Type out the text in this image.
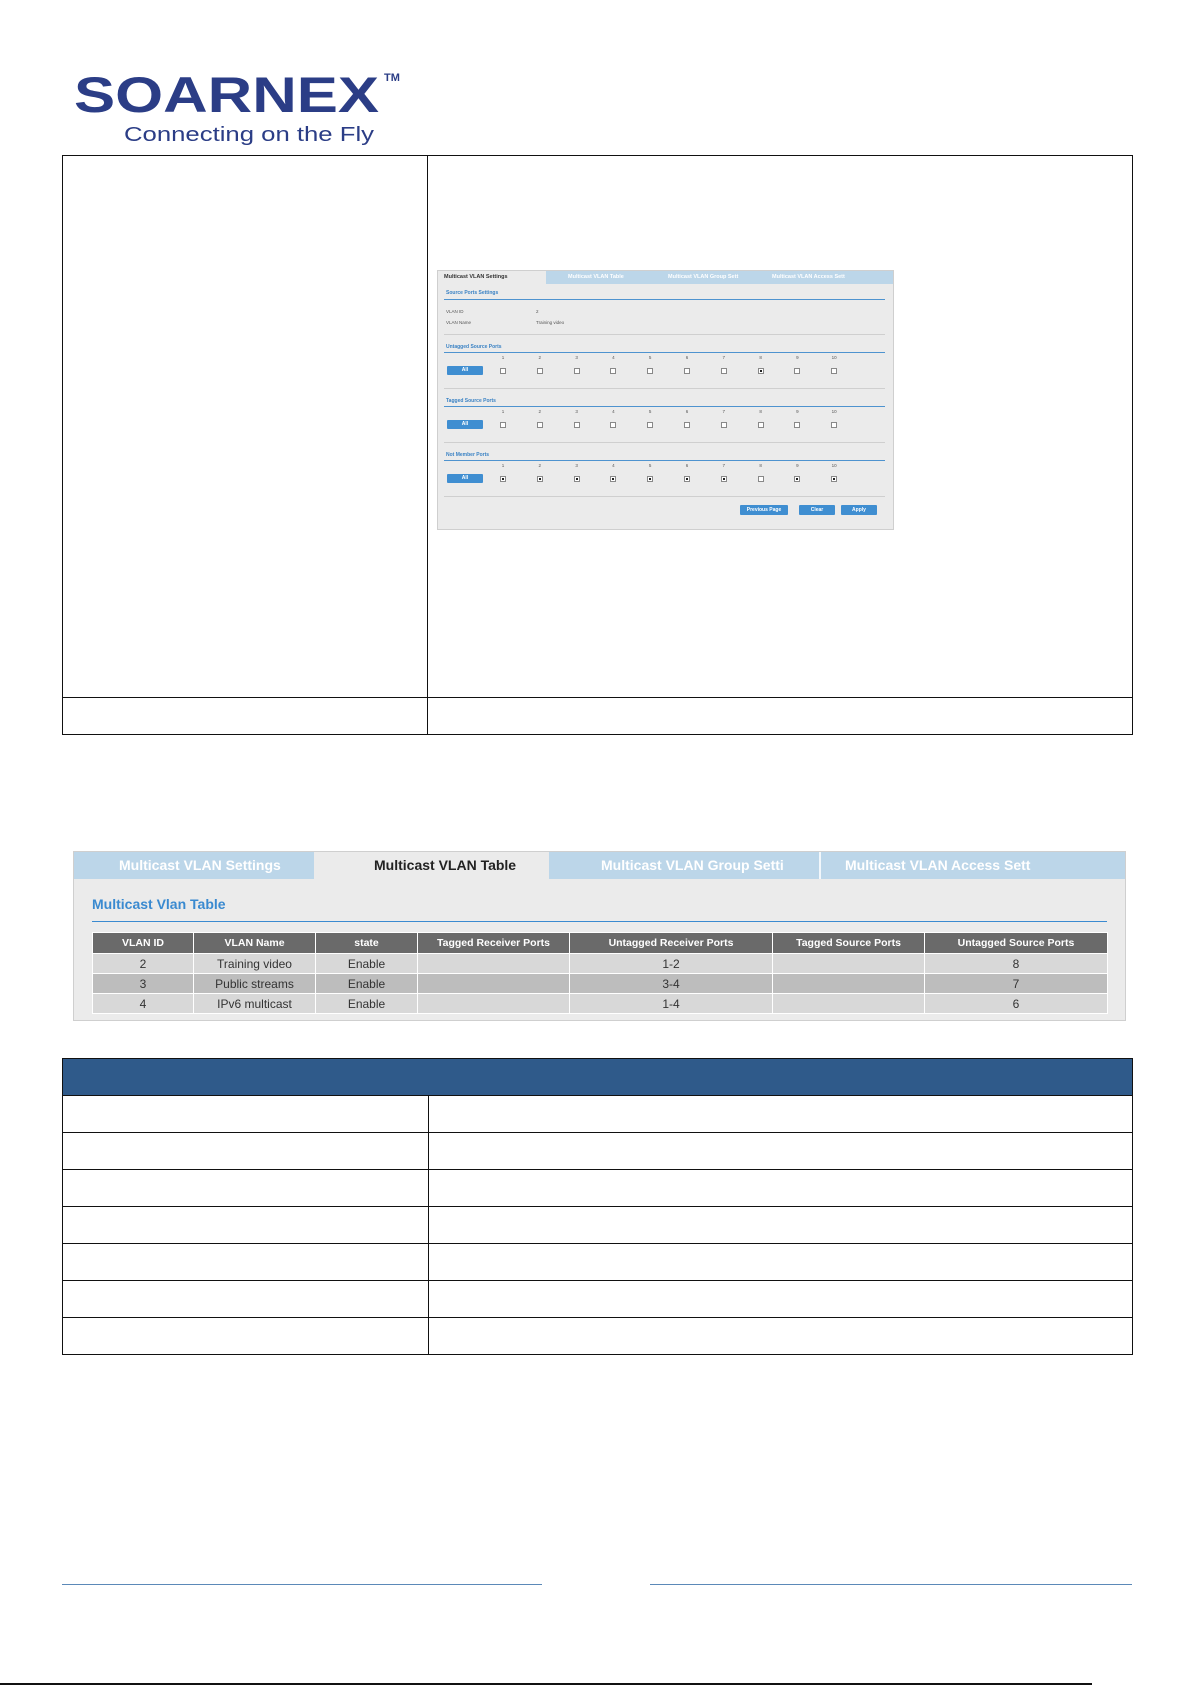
SOARNEX TM
Connecting on the Fly

Multicast VLAN Settings	Multicast VLAN Table	Multicast VLAN Group Sett	Multicast VLAN Access Sett
Source Ports Settings
VLAN ID	2
VLAN Name	Training video
Untagged Source Ports
All
1	2	3	4	5	6	7	8	9	10
Tagged Source Ports
All
1	2	3	4	5	6	7	8	9	10
Not Member Ports
All
1	2	3	4	5	6	7	8	9	10
Previous Page	Clear	Apply
Multicast VLAN Settings	Multicast VLAN Table	Multicast VLAN Group Setti	Multicast VLAN Access Sett
Multicast Vlan Table
VLAN ID	VLAN Name	state	Tagged Receiver Ports	Untagged Receiver Ports	Tagged Source Ports	Untagged Source Ports
2	Training video	Enable		1-2		8
3	Public streams	Enable		3-4		7
4	IPv6 multicast	Enable		1-4		6
